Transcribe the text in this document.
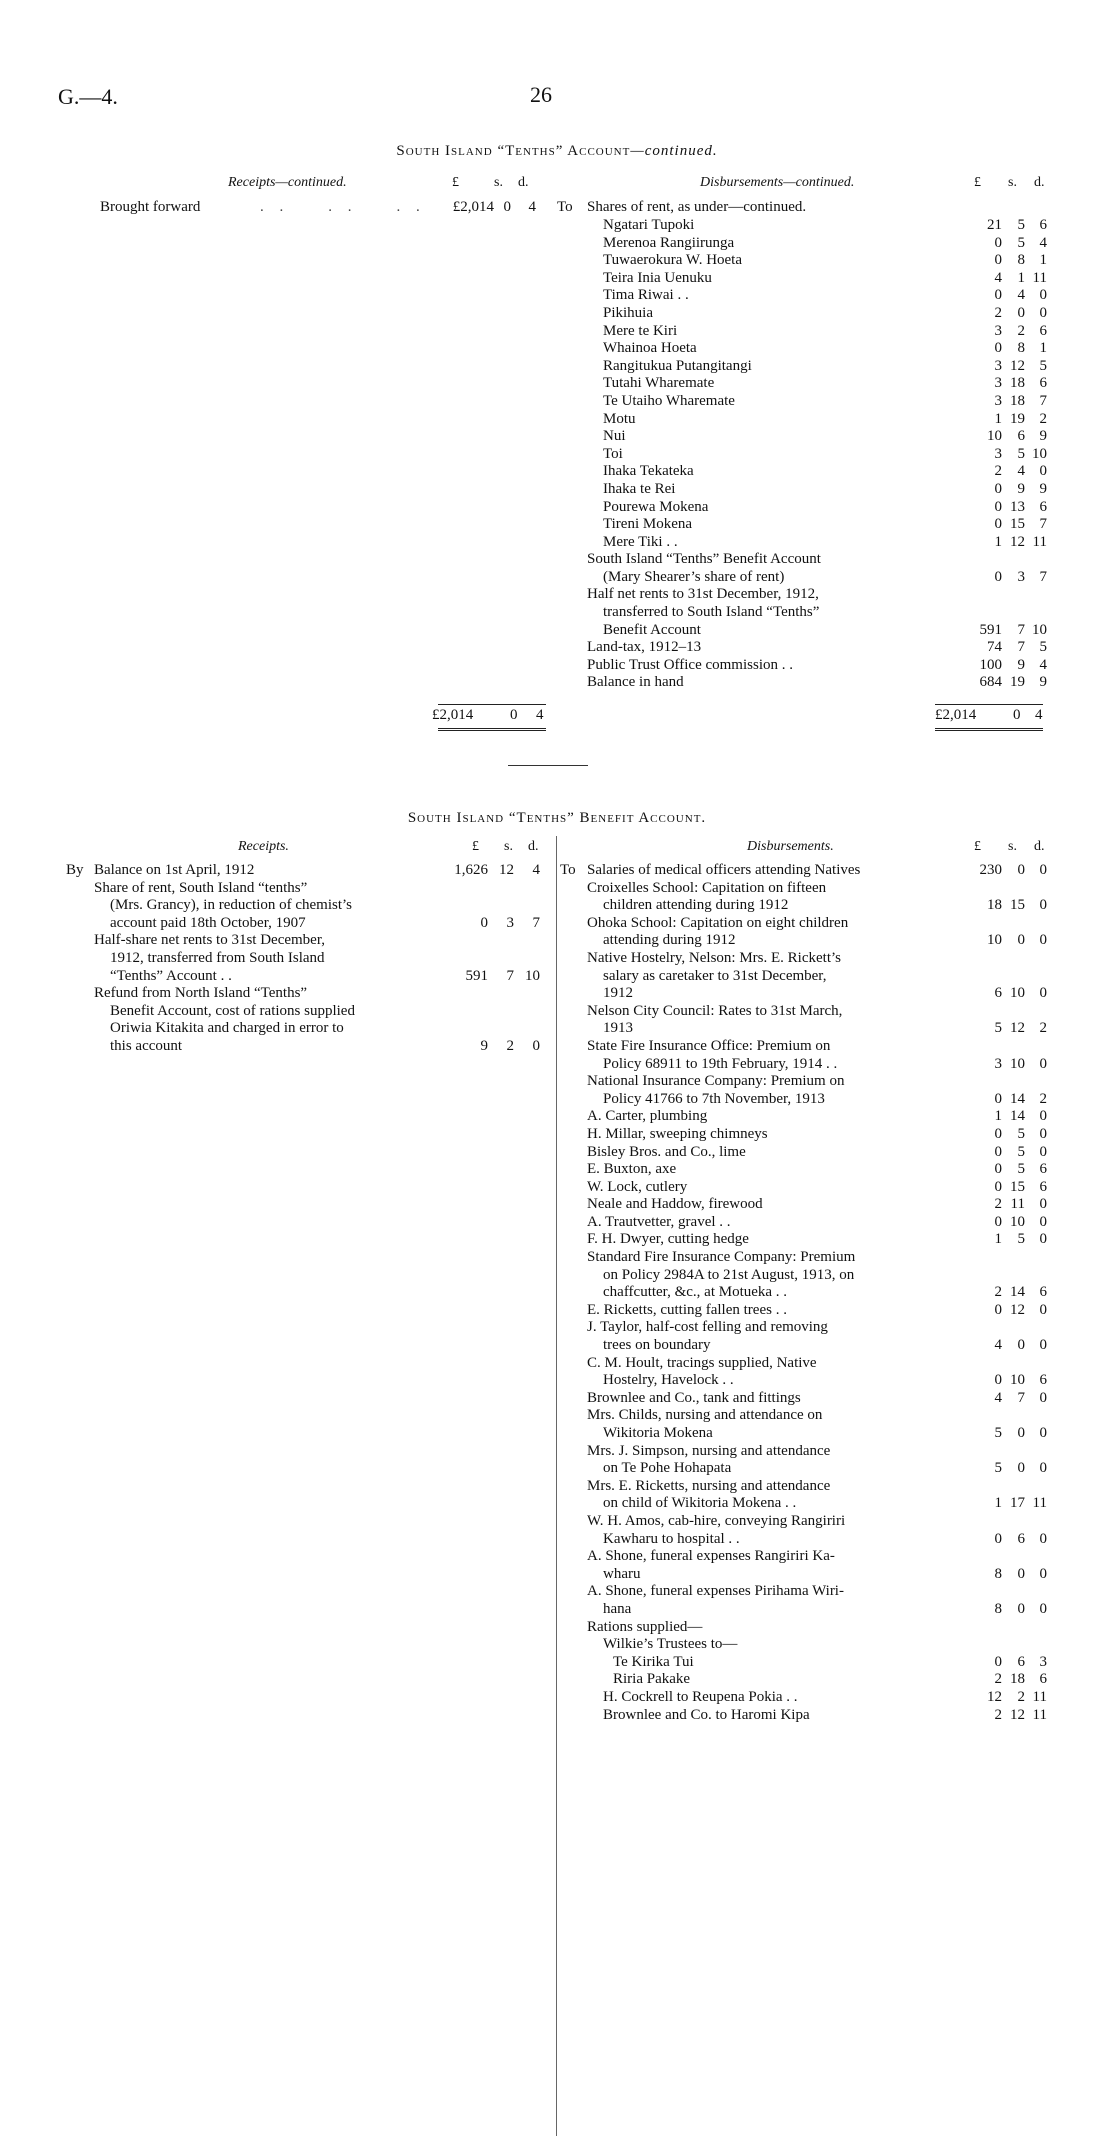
G.—4.	26
South Island “Tenths” Account—continued.
Receipts—continued.	£	s. d.	Disbursements—continued.	£ s. d.
Brought forward	. .    . .    . .	£2,014 0	4 To Shares of rent, as under—continued.
Ngatari Tupoki	21	5 6
Merenoa Rangiirunga	0	5 4
Tuwaerokura W. Hoeta	0	8 1
Teira Inia Uenuku	4	1 11
Tima Riwai . .	0	4 0
Pikihuia	2	0 0
Mere te Kiri	3	2 6
Whainoa Hoeta	0	8 1
Rangitukua Putangitangi	3 12 5
Tutahi Wharemate	3 18 6
Te Utaiho Wharemate	3 18 7
Motu	1 19 2
Nui	10	6 9
Toi	3	5 10
Ihaka Tekateka	2	4 0
Ihaka te Rei	0	9 9
Pourewa Mokena	0 13 6
Tireni Mokena	0 15 7
Mere Tiki . .	1 12 11
South Island “Tenths” Benefit Account
(Mary Shearer’s share of rent)	0	3 7
Half net rents to 31st December, 1912,
transferred to South Island “Tenths”
Benefit Account	591	7 10
Land-tax, 1912–13	74	7 5
Public Trust Office commission . .	100	9 4
Balance in hand	684 19 9
£2,014 0 4	£2,014 0 4
South Island “Tenths” Benefit Account.
Receipts.	£ s. d.	Disbursements.	£ s. d.
By Balance on 1st April, 1912	1,626 12	4
Share of rent, South Island “tenths”
(Mrs. Grancy), in reduction of chemist’s
account paid 18th October, 1907	0	3	7
Half-share net rents to 31st December,
1912, transferred from South Island
“Tenths” Account . .	591	7 10
Refund from North Island “Tenths”
Benefit Account, cost of rations supplied
Oriwia Kitakita and charged in error to
this account	9	2	0
To Salaries of medical officers attending Natives	230	0 0
Croixelles School: Capitation on fifteen
children attending during 1912	18 15 0
Ohoka School: Capitation on eight children
attending during 1912	10	0 0
Native Hostelry, Nelson: Mrs. E. Rickett’s
salary as caretaker to 31st December,
1912	6 10 0
Nelson City Council: Rates to 31st March,
1913	5 12 2
State Fire Insurance Office: Premium on
Policy 68911 to 19th February, 1914 . .	3 10 0
National Insurance Company: Premium on
Policy 41766 to 7th November, 1913	0 14 2
A. Carter, plumbing	1 14 0
H. Millar, sweeping chimneys	0	5 0
Bisley Bros. and Co., lime	0	5 0
E. Buxton, axe	0	5 6
W. Lock, cutlery	0 15 6
Neale and Haddow, firewood	2 11 0
A. Trautvetter, gravel . .	0 10 0
F. H. Dwyer, cutting hedge	1	5 0
Standard Fire Insurance Company: Premium
on Policy 2984A to 21st August, 1913, on
chaffcutter, &c., at Motueka . .	2 14 6
E. Ricketts, cutting fallen trees . .	0 12 0
J. Taylor, half-cost felling and removing
trees on boundary	4	0 0
C. M. Hoult, tracings supplied, Native
Hostelry, Havelock . .	0 10 6
Brownlee and Co., tank and fittings	4	7 0
Mrs. Childs, nursing and attendance on
Wikitoria Mokena	5	0 0
Mrs. J. Simpson, nursing and attendance
on Te Pohe Hohapata	5	0 0
Mrs. E. Ricketts, nursing and attendance
on child of Wikitoria Mokena . .	1 17 11
W. H. Amos, cab-hire, conveying Rangiriri
Kawharu to hospital . .	0	6 0
A. Shone, funeral expenses Rangiriri Ka-
wharu	8	0 0
A. Shone, funeral expenses Pirihama Wiri-
hana	8	0 0
Rations supplied—
Wilkie’s Trustees to—
Te Kirika Tui	0	6 3
Riria Pakake	2 18 6
H. Cockrell to Reupena Pokia . .	12	2 11
Brownlee and Co. to Haromi Kipa	2 12 11
